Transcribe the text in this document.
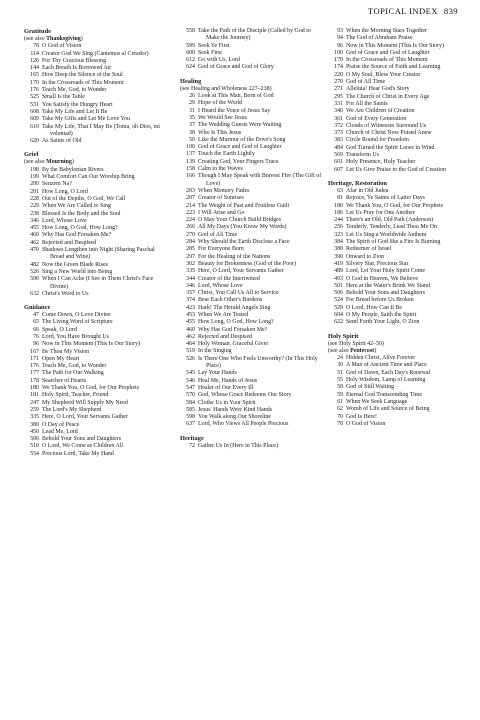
TOPICAL INDEX 839
Gratitude
(see also Thanksgiving)
78 O God of Vision
114 Creator God We Sing (Cantemos al Creador)
126 For Thy Gracious Blessing
144 Each Breath Is Borrowed Air
165 How Deep the Silence of the Soul
170 In the Crossroads of This Moment
176 Teach Me, God, to Wonder
525 Small Is the Table
531 You Satisfy the Hungry Heart
608 Take My Life and Let It Be
609 Take My Gifts and Let Me Love You
610 Take My Life, That I May Be (Toma, oh Dios, mi voluntad)
620 As Saints of Old
Grief
(see also Mourning)
198 By the Babylonian Rivers
199 What Comfort Can Our Worship Bring
200 Senzeni Na?
201 How Long, O Lord
228 Out of the Depths, O God, We Call
229 When We Are Called to Sing
238 Blessed Is the Body and the Soul
346 Lord, Whose Love
455 How Long, O God, How Long?
460 Why Has God Forsaken Me?
462 Rejected and Despised
470 Shadows Lengthen into Night (Sharing Paschal Bread and Wine)
482 Now the Green Blade Rises
526 Sing a New World into Being
590 When I Can Ache (I See in Them Christ's Face Divine)
632 Christ's Word to Us
Guidance
47 Come Down, O Love Divine
65 The Living Word of Scripture
66 Speak, O Lord
76 Lord, You Have Brought Us
96 Now in This Moment (This Is Our Story)
167 Be Thou My Vision
171 Open My Heart
176 Teach Me, God, to Wonder
177 The Path for Our Walking
178 Searcher of Hearts
180 We Thank You, O God, for Our Prophets
181 Holy Spirit, Teacher, Friend
247 My Shepherd Will Supply My Need
259 The Lord's My Shepherd
335 Here, O Lord, Your Servants Gather
380 O Day of Peace
450 Lead Me, Lord
506 Behold Your Sons and Daughters
510 O Lord, We Come as Children All
554 Precious Lord, Take My Hand
558 Take the Path of the Disciple (Called by God to Make the Journey)
599 Seek Ye First
600 Seek First
612 Go with Us, Lord
624 God of Grace and God of Glory
Healing
(see Healing and Wholeness 227–238)
26 Look at This Man, Born of God
29 Hope of the World
31 I Heard the Voice of Jesus Say
35 We Would See Jesus
37 The Wedding Guests Were Waiting
38 Who Is This Jesus
50 Like the Murmur of the Dove's Song
100 God of Grace and God of Laughter
137 Touch the Earth Lightly
139 Creating God, Your Fingers Trace
158 Calm to the Waves
166 Though I May Speak with Bravest Fire (The Gift of Love)
203 When Memory Fades
207 Creator of Sunrises
214 The Weight of Past and Fruitless Guilt
223 I Will Arise and Go
224 O May Your Church Build Bridges
266 All My Days (You Know My Words)
270 God of All Time
284 Why Should the Earth Disclose a Face
285 For Everyone Born
297 For the Healing of the Nations
302 Beauty for Brokenness (God of the Poor)
335 Here, O Lord, Your Servants Gather
344 Creator of the Intertwined
346 Lord, Whose Love
357 Christ, You Call Us All to Service
374 Bear Each Other's Burdens
423 Hark! The Herald Angels Sing
453 When We Are Tested
455 How Long, O God, How Long?
460 Why Has God Forsaken Me?
462 Rejected and Despised
464 Holy Woman, Graceful Giver
519 In the Singing
526 Is There One Who Feels Unworthy? (In This Holy Place)
545 Lay Your Hands
546 Heal Me, Hands of Jesus
547 Healer of Our Every Ill
570 God, Whose Grace Redeems Our Story
584 Clothe Us in Your Spirit
585 Jesus' Hands Were Kind Hands
598 You Walk along Our Shoreline
637 Lord, Who Views All People Precious
Heritage
72 Gather Us In (Here in This Place)
93 When the Morning Stars Together
94 The God of Abraham Praise
96 Now in This Moment (This Is Our Story)
100 God of Grace and God of Laughter
170 In the Crossroads of This Moment
174 Praise the Source of Faith and Learning
220 O My Soul, Bless Your Creator
270 God of All Time
271 Alleluia! Hear God's Story
295 The Church of Christ in Every Age
331 For All the Saints
340 We Are Children of Creation
361 God of Every Generation
372 Clouds of Witnesses Surround Us
373 Church of Christ Now Poised Anew
383 Circle Round for Freedom
484 God Turned the Spirit Loose in Wind
569 Transform Us
601 Holy Presence, Holy Teacher
607 Let Us Give Praise to the God of Creation
Heritage, Restoration
63 Afar in Old Judea
81 Rejoice, Ye Saints of Latter Days
180 We Thank You, O God, for Our Prophets
186 Let Us Pray for One Another
244 There's an Old, Old Path (Anderson)
256 Tenderly, Tenderly, Lead Thou Me On
323 Let Us Sing a Worldwide Anthem
384 The Spirit of God like a Fire Is Burning
388 Redeemer of Israel
390 Onward to Zion
419 Silvery Star, Precious Star
489 Lord, Let Your Holy Spirit Come
493 O God in Heaven, We Believe
501 Here at the Water's Brink We Stand
506 Behold Your Sons and Daughters
524 For Bread before Us Broken
529 O Lord, How Can It Be
604 O My People, Saith the Spirit
622 Send Forth Your Light, O Zion
Holy Spirit
(see Holy Spirit 42–50)
(see also Pentecost)
24 Hidden Christ, Alive Forever
30 A Man of Ancient Time and Place
51 God of Dawn, Each Day's Renewal
55 Holy Wisdom, Lamp of Learning
58 God of Still Waiting
59 Eternal God Transcending Time
61 When We Seek Language
62 Womb of Life and Source of Being
70 God Is Here!
78 O God of Vision
